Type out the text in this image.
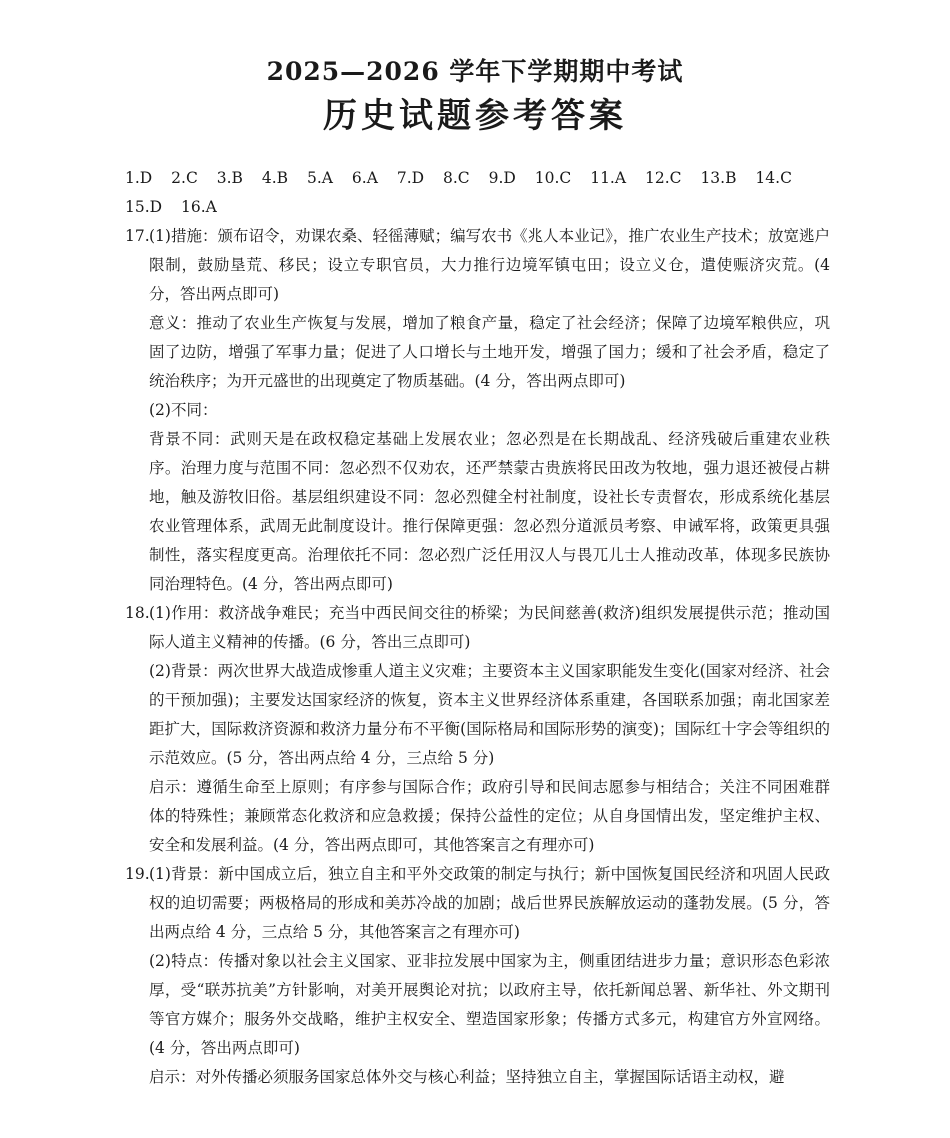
2025—2026 学年下学期期中考试
历史试题参考答案

1.D 2.C 3.B 4.B 5.A 6.A 7.D 8.C 9.D 10.C 11.A 12.C 13.B 14.C 15.D 16.A

17. (1)措施：颁布诏令，劝课农桑、轻徭薄赋；编写农书《兆人本业记》，推广农业生产技术；放宽逃户限制，鼓励垦荒、移民；设立专职官员，大力推行边境军镇屯田；设立义仓，遣使赈济灾荒。(4 分，答出两点即可)

意义：推动了农业生产恢复与发展，增加了粮食产量，稳定了社会经济；保障了边境军粮供应，巩固了边防，增强了军事力量；促进了人口增长与土地开发，增强了国力；缓和了社会矛盾，稳定了统治秩序；为开元盛世的出现奠定了物质基础。(4 分，答出两点即可)

(2)不同：

背景不同：武则天是在政权稳定基础上发展农业；忽必烈是在长期战乱、经济残破后重建农业秩序。治理力度与范围不同：忽必烈不仅劝农，还严禁蒙古贵族将民田改为牧地，强力退还被侵占耕地，触及游牧旧俗。基层组织建设不同：忽必烈健全村社制度，设社长专责督农，形成系统化基层农业管理体系，武周无此制度设计。推行保障更强：忽必烈分道派员考察、申诫军将，政策更具强制性，落实程度更高。治理依托不同：忽必烈广泛任用汉人与畏兀儿士人推动改革，体现多民族协同治理特色。(4 分，答出两点即可)

18. (1)作用：救济战争难民；充当中西民间交往的桥梁；为民间慈善(救济)组织发展提供示范；推动国际人道主义精神的传播。(6 分，答出三点即可)

(2)背景：两次世界大战造成惨重人道主义灾难；主要资本主义国家职能发生变化(国家对经济、社会的干预加强)；主要发达国家经济的恢复，资本主义世界经济体系重建，各国联系加强；南北国家差距扩大，国际救济资源和救济力量分布不平衡(国际格局和国际形势的演变)；国际红十字会等组织的示范效应。(5 分，答出两点给 4 分，三点给 5 分)

启示：遵循生命至上原则；有序参与国际合作；政府引导和民间志愿参与相结合；关注不同困难群体的特殊性；兼顾常态化救济和应急救援；保持公益性的定位；从自身国情出发，坚定维护主权、安全和发展利益。(4 分，答出两点即可，其他答案言之有理亦可)

19. (1)背景：新中国成立后，独立自主和平外交政策的制定与执行；新中国恢复国民经济和巩固人民政权的迫切需要；两极格局的形成和美苏冷战的加剧；战后世界民族解放运动的蓬勃发展。(5 分，答出两点给 4 分，三点给 5 分，其他答案言之有理亦可)

(2)特点：传播对象以社会主义国家、亚非拉发展中国家为主，侧重团结进步力量；意识形态色彩浓厚，受“联苏抗美”方针影响，对美开展舆论对抗；以政府主导，依托新闻总署、新华社、外文期刊等官方媒介；服务外交战略，维护主权安全、塑造国家形象；传播方式多元，构建官方外宣网络。(4 分，答出两点即可)

启示：对外传播必须服务国家总体外交与核心利益；坚持独立自主，掌握国际话语主动权，避
